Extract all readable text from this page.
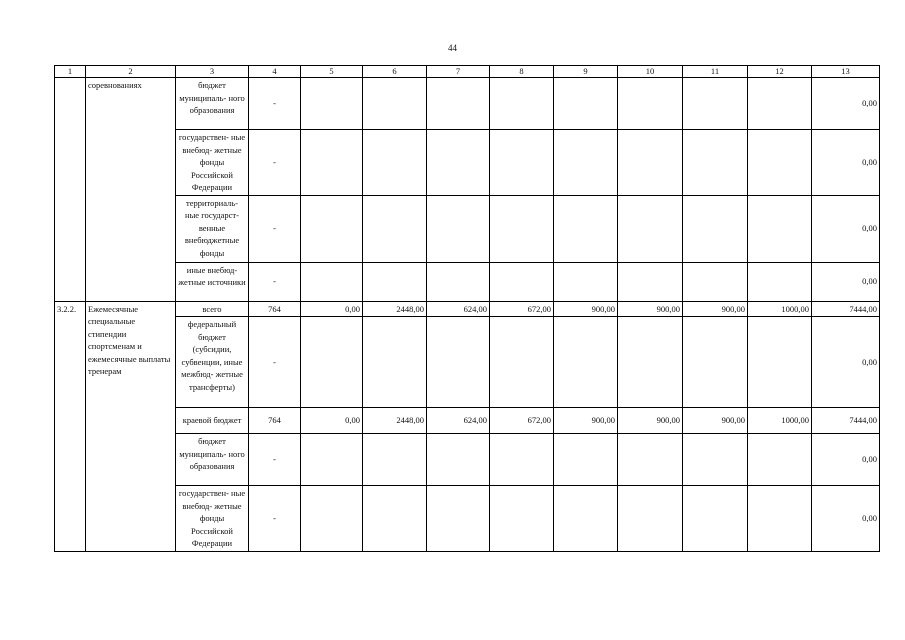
44
1	2	3	4	5	6	7	8	9	10	11	12	13
	соревнованиях	бюджет муниципаль- ного образования	-									0,00
		государствен- ные внебюд- жетные фонды Российской Федерации	-									0,00
		территориаль- ные государст- венные внебюджетные фонды	-									0,00
		иные внебюд- жетные источники	-									0,00
3.2.2.	Ежемесячные специальные стипендии спортсменам и ежемесячные выплаты тренерам	всего	764	0,00	2448,00	624,00	672,00	900,00	900,00	900,00	1000,00	7444,00
		федеральный бюджет (субсидии, субвенции, иные межбюд- жетные трансферты)	-									0,00
		краевой бюджет	764	0,00	2448,00	624,00	672,00	900,00	900,00	900,00	1000,00	7444,00
		бюджет муниципаль- ного образования	-									0,00
		государствен- ные внебюд- жетные фонды Российской Федерации	-									0,00
